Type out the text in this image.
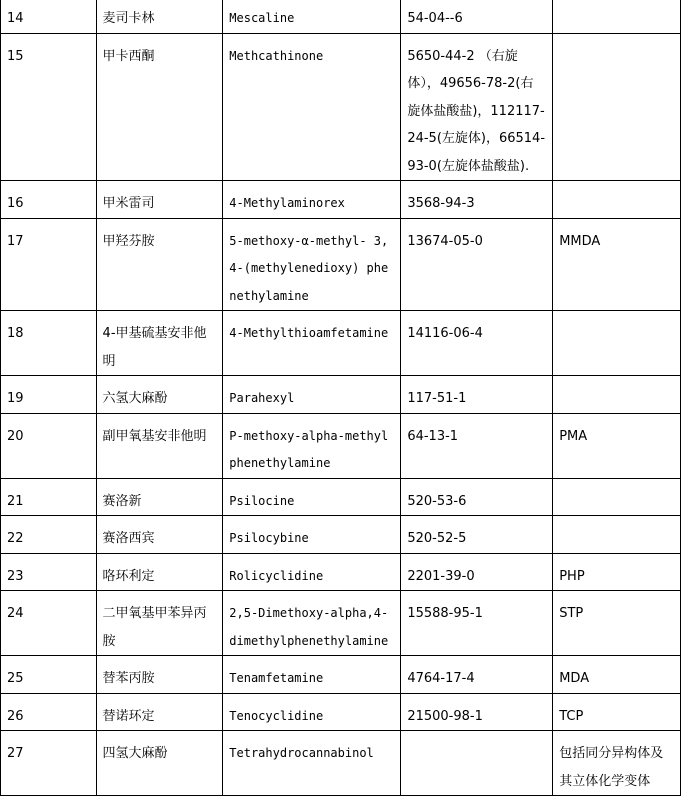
14	麦司卡林	Mescaline	54-04--6	
15	甲卡西酮	Methcathinone	5650-44-2 （右旋体），49656-78-2(右旋体盐酸盐)，112117-24-5(左旋体)，66514-93-0(左旋体盐酸盐).	
16	甲米雷司	4-Methylaminorex	3568-94-3	
17	甲羟芬胺	5-methoxy-α-methyl- 3,4-(methylenedioxy) phenethylamine	13674-05-0	MMDA
18	4-甲基硫基安非他明	4-Methylthioamfetamine	14116-06-4	
19	六氢大麻酚	Parahexyl	117-51-1	
20	副甲氧基安非他明	P-methoxy-alpha-methylphenethylamine	64-13-1	PMA
21	赛洛新	Psilocine	520-53-6	
22	赛洛西宾	Psilocybine	520-52-5	
23	咯环利定	Rolicyclidine	2201-39-0	PHP
24	二甲氧基甲苯异丙胺	2,5-Dimethoxy-alpha,4-dimethylphenethylamine	15588-95-1	STP
25	替苯丙胺	Tenamfetamine	4764-17-4	MDA
26	替诺环定	Tenocyclidine	21500-98-1	TCP
27	四氢大麻酚	Tetrahydrocannabinol		包括同分异构体及其立体化学变体
